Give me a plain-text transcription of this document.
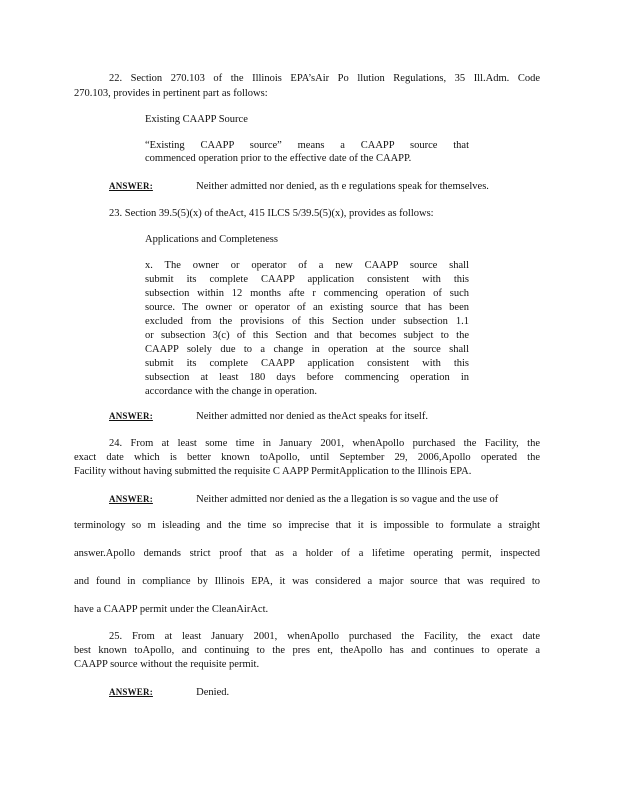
22. Section 270.103 of the Illinois EPA’sAir Po llution Regulations, 35 Ill.Adm. Code
270.103, provides in pertinent part as follows:
Existing CAAPP Source
“Existing CAAPP source” means a CAAPP source that
commenced operation prior to the effective date of the CAAPP.
ANSWER:	Neither admitted nor denied, as th e regulations speak for themselves.
23. Section 39.5(5)(x) of theAct, 415 ILCS 5/39.5(5)(x), provides as follows:
Applications and Completeness
x. The owner or operator of a new CAAPP source shall
submit its complete CAAPP application consistent with this
subsection within 12 months afte r commencing operation of such
source. The owner or operator of an existing source that has been
excluded from the provisions of this Section under subsection 1.1
or subsection 3(c) of this Section and that becomes subject to the
CAAPP solely due to a change in operation at the source shall
submit its complete CAAPP application consistent with this
subsection at least 180 days before commencing operation in
accordance with the change in operation.
ANSWER:	Neither admitted nor denied as theAct speaks for itself.
24. From at least some time in January 2001, whenApollo purchased the Facility, the
exact date which is better known toApollo, until September 29, 2006,Apollo operated the
Facility without having submitted the requisite C AAPP PermitApplication to the Illinois EPA.
ANSWER:	Neither admitted nor denied as the a llegation is so vague and the use of
terminology so m isleading and the time so imprecise that it is impossible to formulate a straight
answer.Apollo demands strict proof that as a holder of a lifetime operating permit, inspected
and found in compliance by Illinois EPA, it was considered a major source that was required to
have a CAAPP permit under the CleanAirAct.
25. From at least January 2001, whenApollo purchased the Facility, the exact date
best known toApollo, and continuing to the pres ent, theApollo has and continues to operate a
CAAPP source without the requisite permit.
ANSWER:	Denied.
